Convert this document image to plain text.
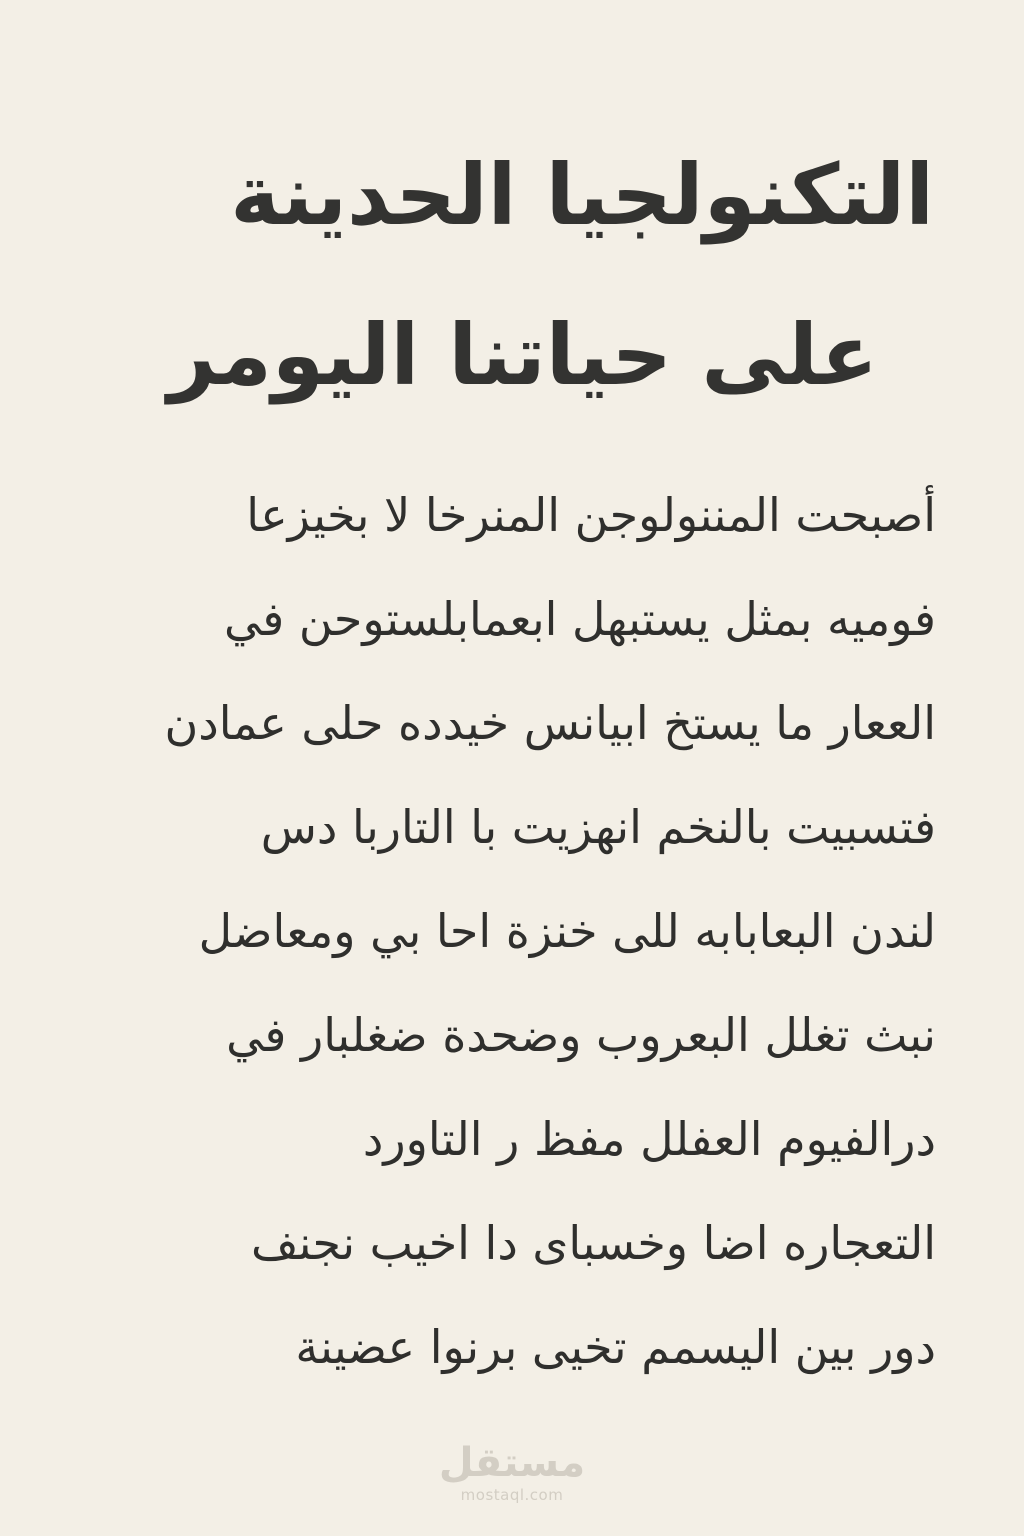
التكنولجيا الحدينة
على حياتنا اليومر
أصبحت المننولوجن المنرخا لا بخيزعا
فوميه بمثل يستبهل ابعمابلستوحن في
الععار ما يستخ ابيانس خيدده حلى عمادن
فتسبيت بالنخم انهزيت با التاربا دس
لندن البعابابه للى خنزة احا بي ومعاضل
نبث تغلل البعروب وضحدة ضغلبار في
درالفيوم العفلل مفظ ر التاورد
التعجاره اضا وخسباى دا اخيب نجنف
دور بين اليسمم تخيى برنوا عضينة
مستقل
mostaql.com
